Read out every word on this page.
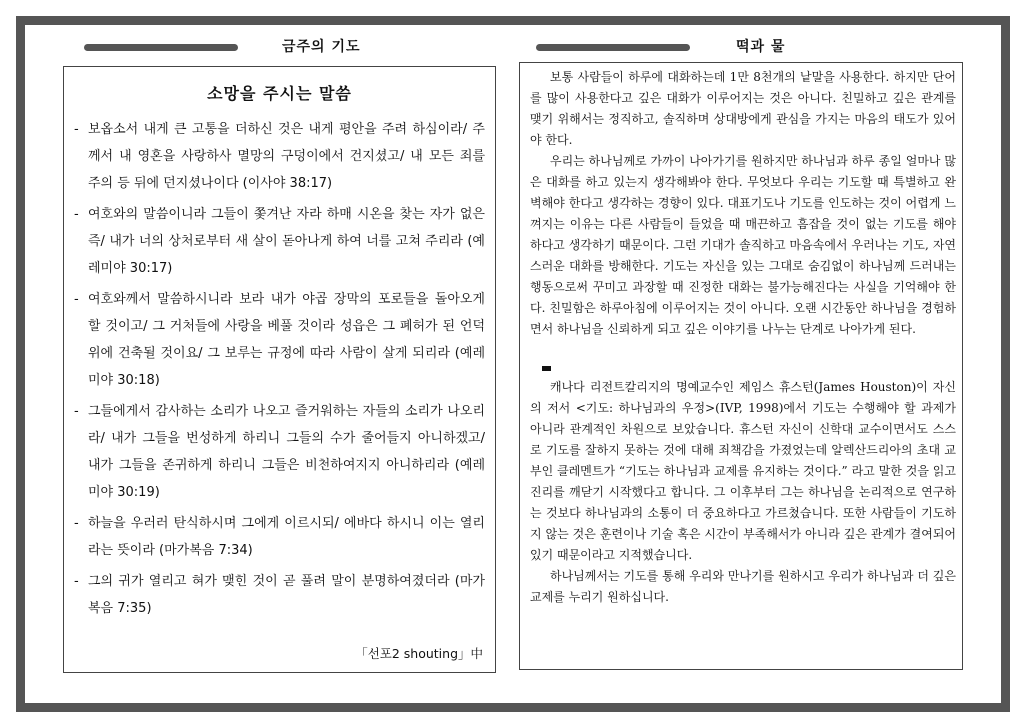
금주의 기도	떡과 물
소망을 주시는 말씀
- 보옵소서 내게 큰 고통을 더하신 것은 내게 평안을 주려 하심이라/ 주께서 내 영혼을 사랑하사 멸망의 구덩이에서 건지셨고/ 내 모든 죄를 주의 등 뒤에 던지셨나이다 (이사야 38:17)
- 여호와의 말씀이니라 그들이 쫓겨난 자라 하매 시온을 찾는 자가 없은즉/ 내가 너의 상처로부터 새 살이 돋아나게 하여 너를 고쳐 주리라 (예레미야 30:17)
- 여호와께서 말씀하시니라 보라 내가 야곱 장막의 포로들을 돌아오게 할 것이고/ 그 거처들에 사랑을 베풀 것이라 성읍은 그 폐허가 된 언덕 위에 건축될 것이요/ 그 보루는 규정에 따라 사람이 살게 되리라 (예레미야 30:18)
- 그들에게서 감사하는 소리가 나오고 즐거워하는 자들의 소리가 나오리라/ 내가 그들을 번성하게 하리니 그들의 수가 줄어들지 아니하겠고/ 내가 그들을 존귀하게 하리니 그들은 비천하여지지 아니하리라 (예레미야 30:19)
- 하늘을 우러러 탄식하시며 그에게 이르시되/ 에바다 하시니 이는 열리라는 뜻이라 (마가복음 7:34)
- 그의 귀가 열리고 혀가 맺힌 것이 곧 풀려 말이 분명하여졌더라 (마가복음 7:35)
「선포2 shouting」中

보통 사람들이 하루에 대화하는데 1만 8천개의 낱말을 사용한다. 하지만 단어를 많이 사용한다고 깊은 대화가 이루어지는 것은 아니다. 친밀하고 깊은 관계를 맺기 위해서는 정직하고, 솔직하며 상대방에게 관심을 가지는 마음의 태도가 있어야 한다.

우리는 하나님께로 가까이 나아가기를 원하지만 하나님과 하루 종일 얼마나 많은 대화를 하고 있는지 생각해봐야 한다. 무엇보다 우리는 기도할 때 특별하고 완벽해야 한다고 생각하는 경향이 있다. 대표기도나 기도를 인도하는 것이 어렵게 느껴지는 이유는 다른 사람들이 들었을 때 매끈하고 흠잡을 것이 없는 기도를 해야 하다고 생각하기 때문이다. 그런 기대가 솔직하고 마음속에서 우러나는 기도, 자연스러운 대화를 방해한다. 기도는 자신을 있는 그대로 숨김없이 하나님께 드러내는 행동으로써 꾸미고 과장할 때 진정한 대화는 불가능해진다는 사실을 기억해야 한다. 친밀함은 하루아침에 이루어지는 것이 아니다. 오랜 시간동안 하나님을 경험하면서 하나님을 신뢰하게 되고 깊은 이야기를 나누는 단계로 나아가게 된다.

캐나다 리전트칼리지의 명예교수인 제임스 휴스턴(James Houston)이 자신의 저서 <기도: 하나님과의 우정>(IVP, 1998)에서 기도는 수행해야 할 과제가 아니라 관계적인 차원으로 보았습니다. 휴스턴 자신이 신학대 교수이면서도 스스로 기도를 잘하지 못하는 것에 대해 죄책감을 가졌었는데 알렉산드리아의 초대 교부인 클레멘트가 “기도는 하나님과 교제를 유지하는 것이다.” 라고 말한 것을 읽고 진리를 깨닫기 시작했다고 합니다. 그 이후부터 그는 하나님을 논리적으로 연구하는 것보다 하나님과의 소통이 더 중요하다고 가르쳤습니다. 또한 사람들이 기도하지 않는 것은 훈련이나 기술 혹은 시간이 부족해서가 아니라 깊은 관계가 결여되어 있기 때문이라고 지적했습니다.

하나님께서는 기도를 통해 우리와 만나기를 원하시고 우리가 하나님과 더 깊은 교제를 누리기 원하십니다.
